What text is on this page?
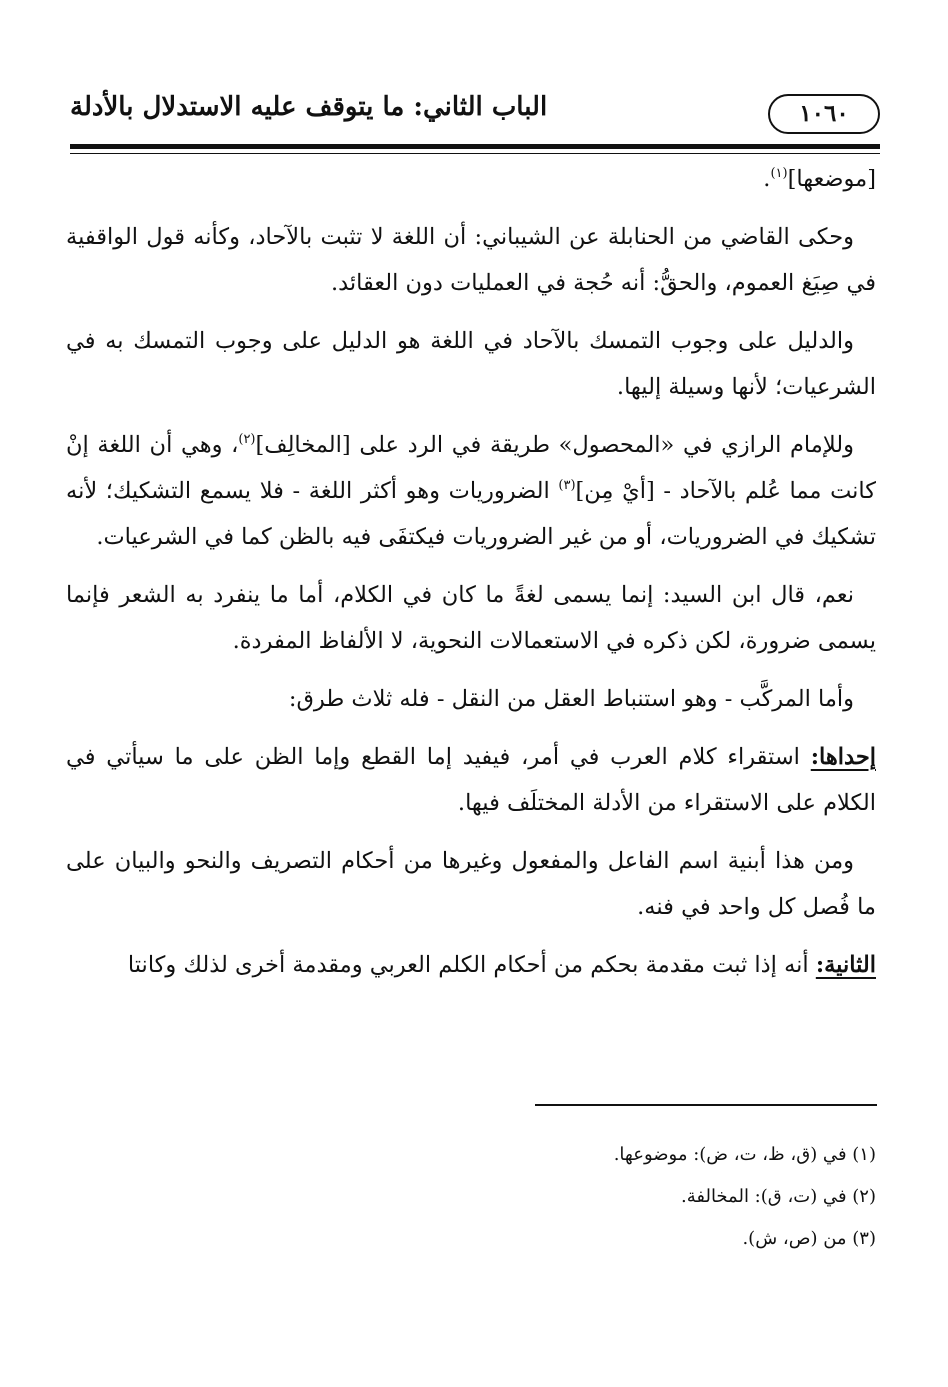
١٠٦٠
الباب الثاني: ما يتوقف عليه الاستدلال بالأدلة

[موضعها]$^{(١)}$.

وحكى القاضي من الحنابلة عن الشيباني: أن اللغة لا تثبت بالآحاد، وكأنه قول الواقفية في صِيَغ العموم، والحقُّ: أنه حُجة في العمليات دون العقائد.

والدليل على وجوب التمسك بالآحاد في اللغة هو الدليل على وجوب التمسك به في الشرعيات؛ لأنها وسيلة إليها.

وللإمام الرازي في «المحصول» طريقة في الرد على [المخالِف]$^{(٢)}$، وهي أن اللغة إنْ كانت مما عُلم بالآحاد - [أيْ مِن]$^{(٣)}$ الضروريات وهو أكثر اللغة - فلا يسمع التشكيك؛ لأنه تشكيك في الضروريات، أو من غير الضروريات فيكتفَى فيه بالظن كما في الشرعيات.

نعم، قال ابن السيد: إنما يسمى لغةً ما كان في الكلام، أما ما ينفرد به الشعر فإنما يسمى ضرورة، لكن ذكره في الاستعمالات النحوية، لا الألفاظ المفردة.

وأما المركَّب - وهو استنباط العقل من النقل - فله ثلاث طرق:

إحداها: استقراء كلام العرب في أمر، فيفيد إما القطع وإما الظن على ما سيأتي في الكلام على الاستقراء من الأدلة المختلَف فيها.

ومن هذا أبنية اسم الفاعل والمفعول وغيرها من أحكام التصريف والنحو والبيان على ما فُصل كل واحد في فنه.

الثانية: أنه إذا ثبت مقدمة بحكم من أحكام الكلم العربي ومقدمة أخرى لذلك وكانتا

(١) في (ق، ظ، ت، ض): موضوعها.
(٢) في (ت، ق): المخالفة.
(٣) من (ص، ش).
